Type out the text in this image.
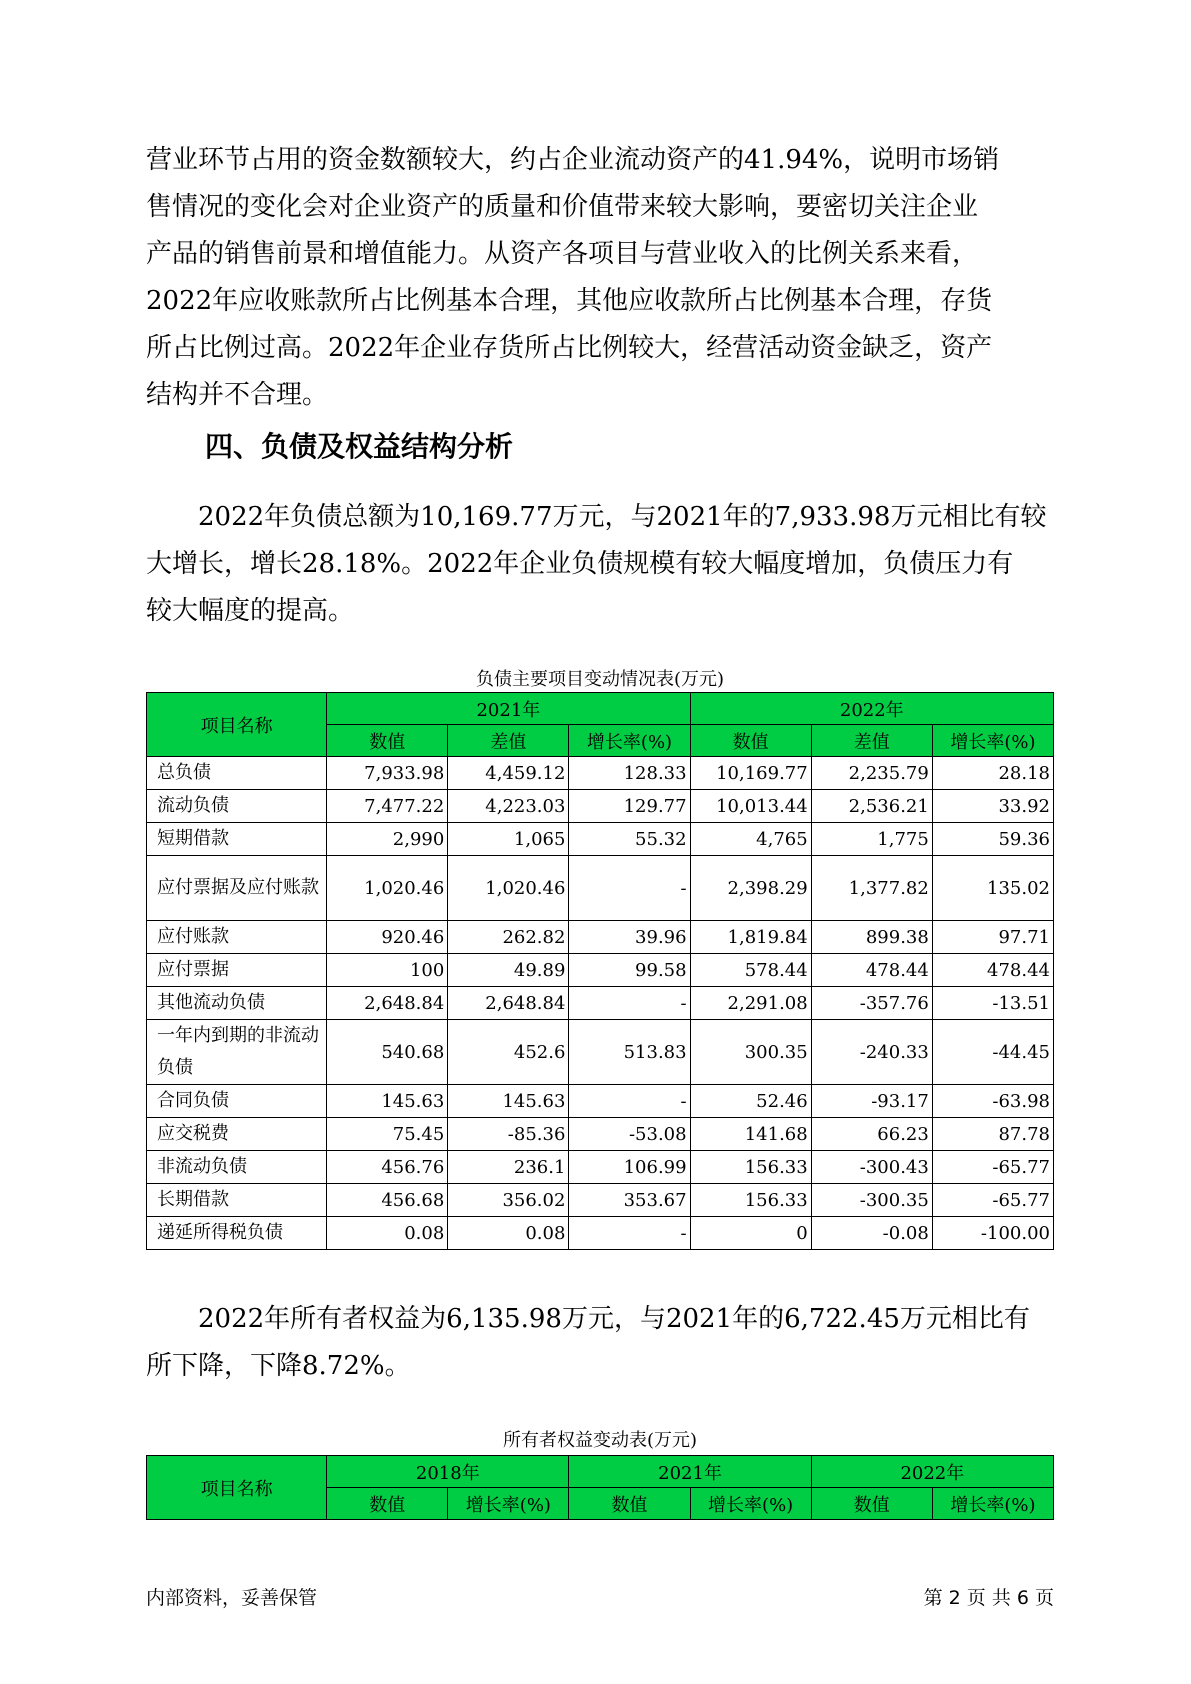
营业环节占用的资金数额较大，约占企业流动资产的41.94%，说明市场销
售情况的变化会对企业资产的质量和价值带来较大影响，要密切关注企业
产品的销售前景和增值能力。从资产各项目与营业收入的比例关系来看，
2022年应收账款所占比例基本合理，其他应收款所占比例基本合理，存货
所占比例过高。2022年企业存货所占比例较大，经营活动资金缺乏，资产
结构并不合理。
四、负债及权益结构分析
2022年负债总额为10,169.77万元，与2021年的7,933.98万元相比有较
大增长，增长28.18%。2022年企业负债规模有较大幅度增加，负债压力有
较大幅度的提高。
负债主要项目变动情况表(万元)
项目名称	2021年			2022年		
	数值	差值	增长率(%)	数值	差值	增长率(%)
总负债	7,933.98	4,459.12	128.33	10,169.77	2,235.79	28.18
流动负债	7,477.22	4,223.03	129.77	10,013.44	2,536.21	33.92
短期借款	2,990	1,065	55.32	4,765	1,775	59.36
应付票据及应付账款	1,020.46	1,020.46	-	2,398.29	1,377.82	135.02
应付账款	920.46	262.82	39.96	1,819.84	899.38	97.71
应付票据	100	49.89	99.58	578.44	478.44	478.44
其他流动负债	2,648.84	2,648.84	-	2,291.08	-357.76	-13.51
一年内到期的非流动负债	540.68	452.6	513.83	300.35	-240.33	-44.45
合同负债	145.63	145.63	-	52.46	-93.17	-63.98
应交税费	75.45	-85.36	-53.08	141.68	66.23	87.78
非流动负债	456.76	236.1	106.99	156.33	-300.43	-65.77
长期借款	456.68	356.02	353.67	156.33	-300.35	-65.77
递延所得税负债	0.08	0.08	-	0	-0.08	-100.00
2022年所有者权益为6,135.98万元，与2021年的6,722.45万元相比有
所下降，下降8.72%。
所有者权益变动表(万元)
项目名称	2018年		2021年		2022年	
	数值	增长率(%)	数值	增长率(%)	数值	增长率(%)
内部资料，妥善保管	第 2 页 共 6 页
